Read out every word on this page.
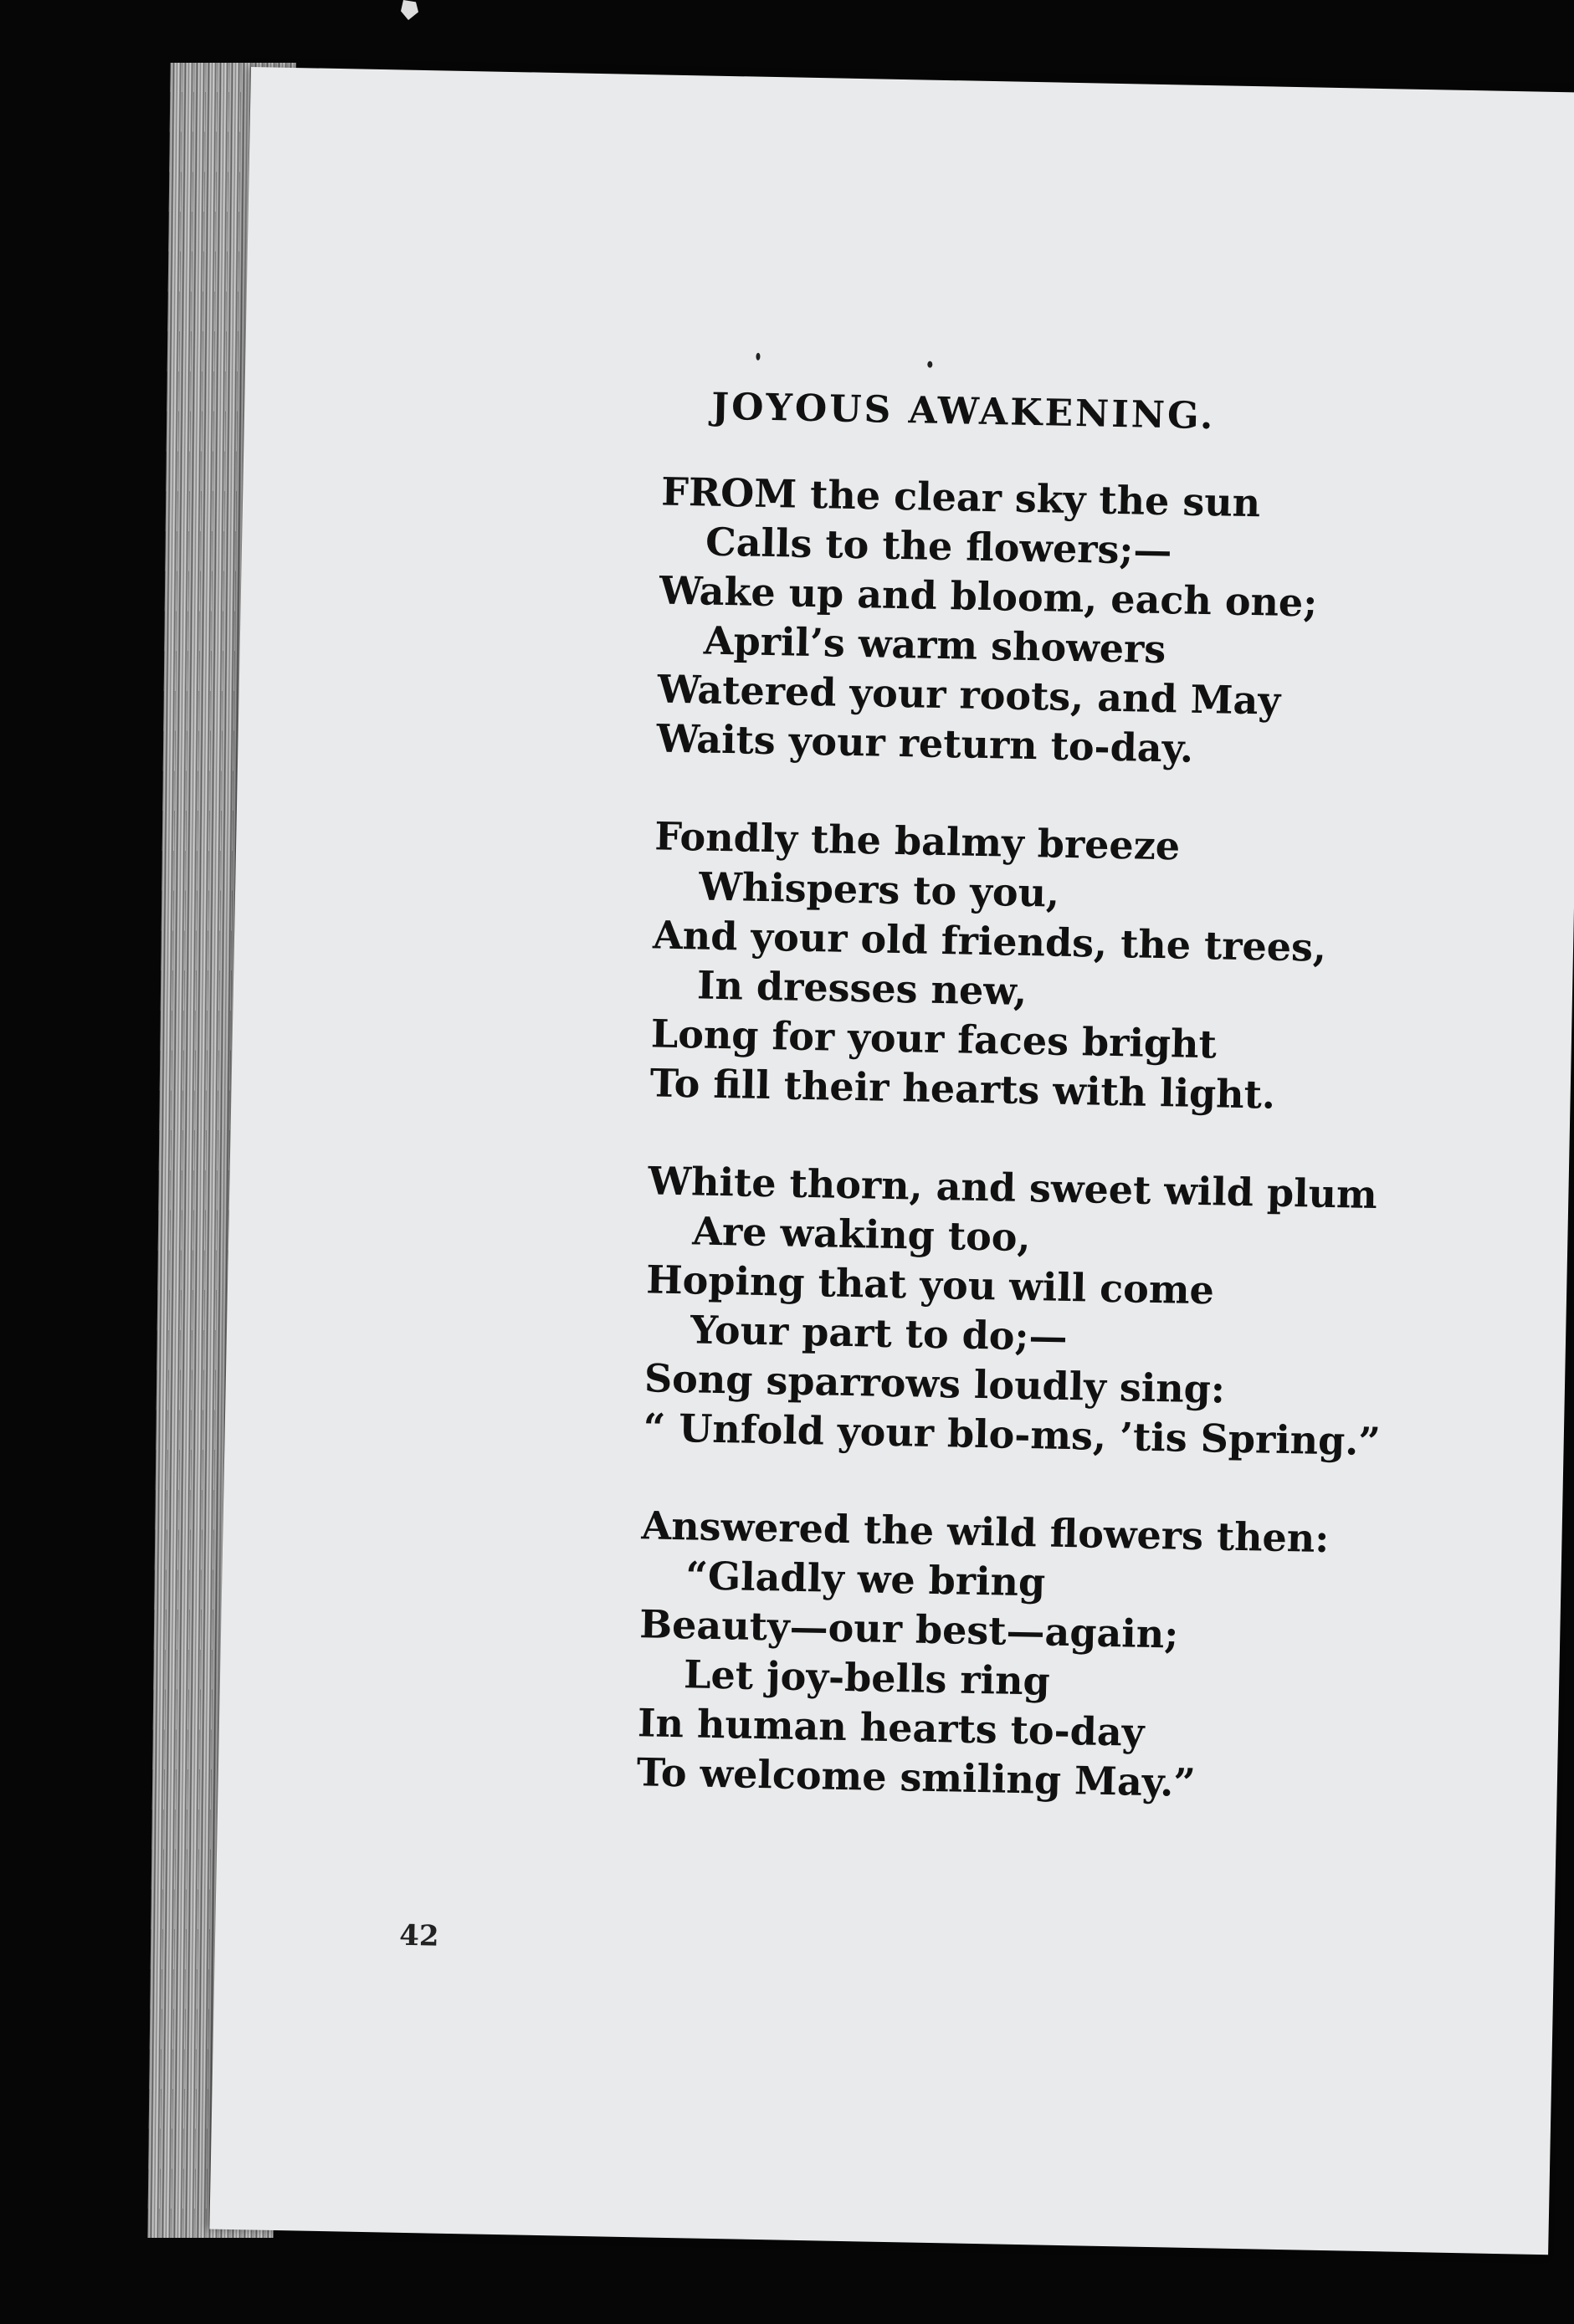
JOYOUS AWAKENING.
FROM the clear sky the sun
Calls to the flowers;—
Wake up and bloom, each one;
April’s warm showers
Watered your roots, and May
Waits your return to-day.
Fondly the balmy breeze
Whispers to you,
And your old friends, the trees,
In dresses new,
Long for your faces bright
To fill their hearts with light.
White thorn, and sweet wild plum
Are waking too,
Hoping that you will come
Your part to do;—
Song sparrows loudly sing:
“ Unfold your blo-ms, ’tis Spring.”
Answered the wild flowers then:
“Gladly we bring
Beauty—our best—again;
Let joy-bells ring
In human hearts to-day
To welcome smiling May.”
42
